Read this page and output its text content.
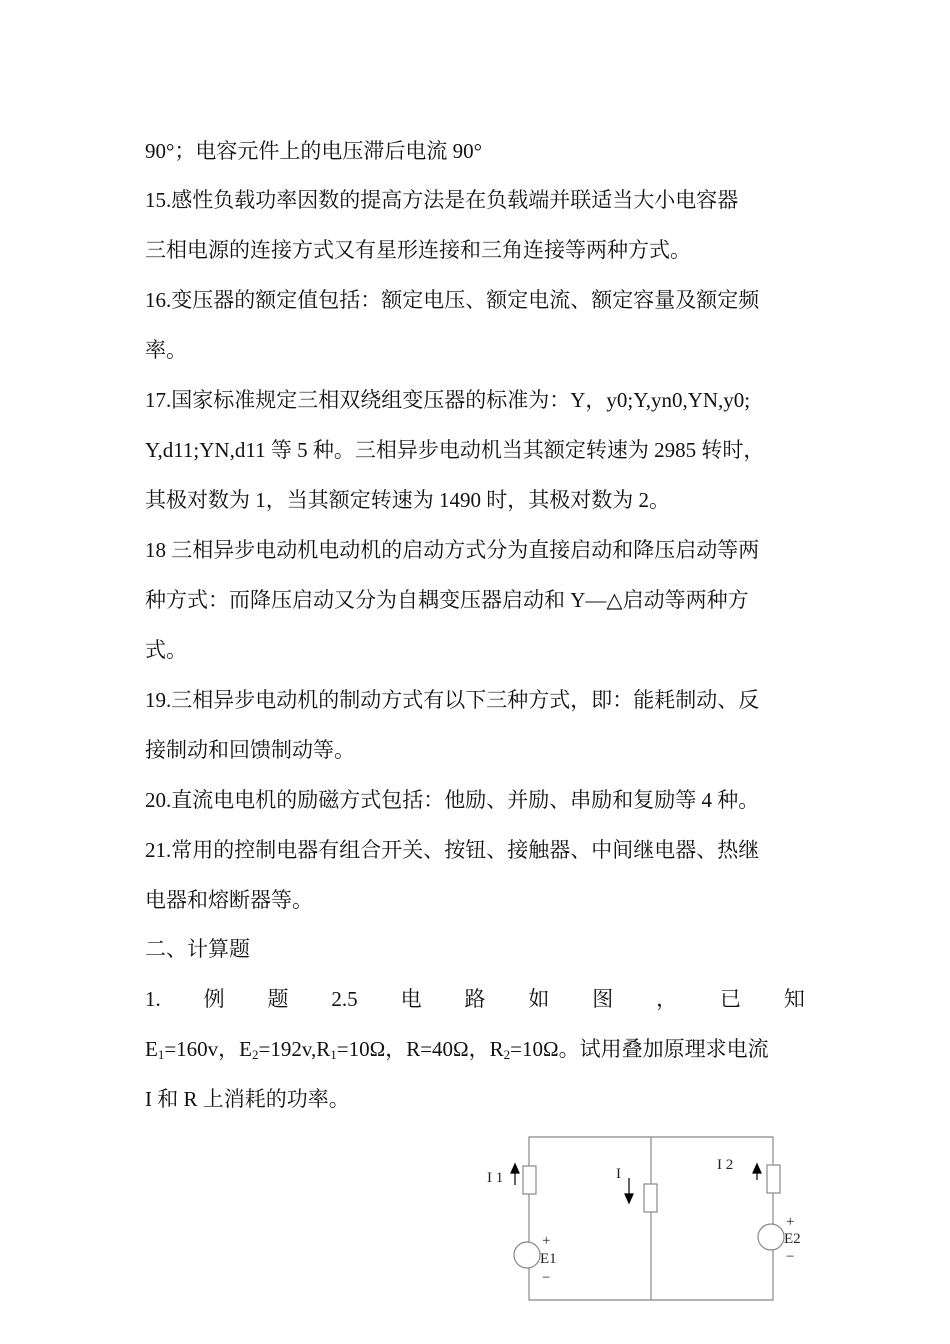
90°；电容元件上的电压滞后电流 90°
15.感性负载功率因数的提高方法是在负载端并联适当大小电容器
三相电源的连接方式又有星形连接和三角连接等两种方式。
16.变压器的额定值包括：额定电压、额定电流、额定容量及额定频
率。
17.国家标准规定三相双绕组变压器的标准为：Y，y0;Y,yn0,YN,y0;
Y,d11;YN,d11 等 5 种。三相异步电动机当其额定转速为 2985 转时，
其极对数为 1，当其额定转速为 1490 时，其极对数为 2。
18 三相异步电动机电动机的启动方式分为直接启动和降压启动等两
种方式：而降压启动又分为自耦变压器启动和 Y—△启动等两种方
式。
19.三相异步电动机的制动方式有以下三种方式，即：能耗制动、反
接制动和回馈制动等。
20.直流电电机的励磁方式包括：他励、并励、串励和复励等 4 种。
21.常用的控制电器有组合开关、按钮、接触器、中间继电器、热继
电器和熔断器等。
二、计算题
1. 例 题 2.5 电 路 如 图 ， 已 知
$E_1=160v$，$E_2=192v,R_1=10\Omega$，R=40Ω，$R_2=10\Omega$。试用叠加原理求电流
I 和 R 上消耗的功率。
I 1	I
I 2
+
E1
−
+
E2
−
